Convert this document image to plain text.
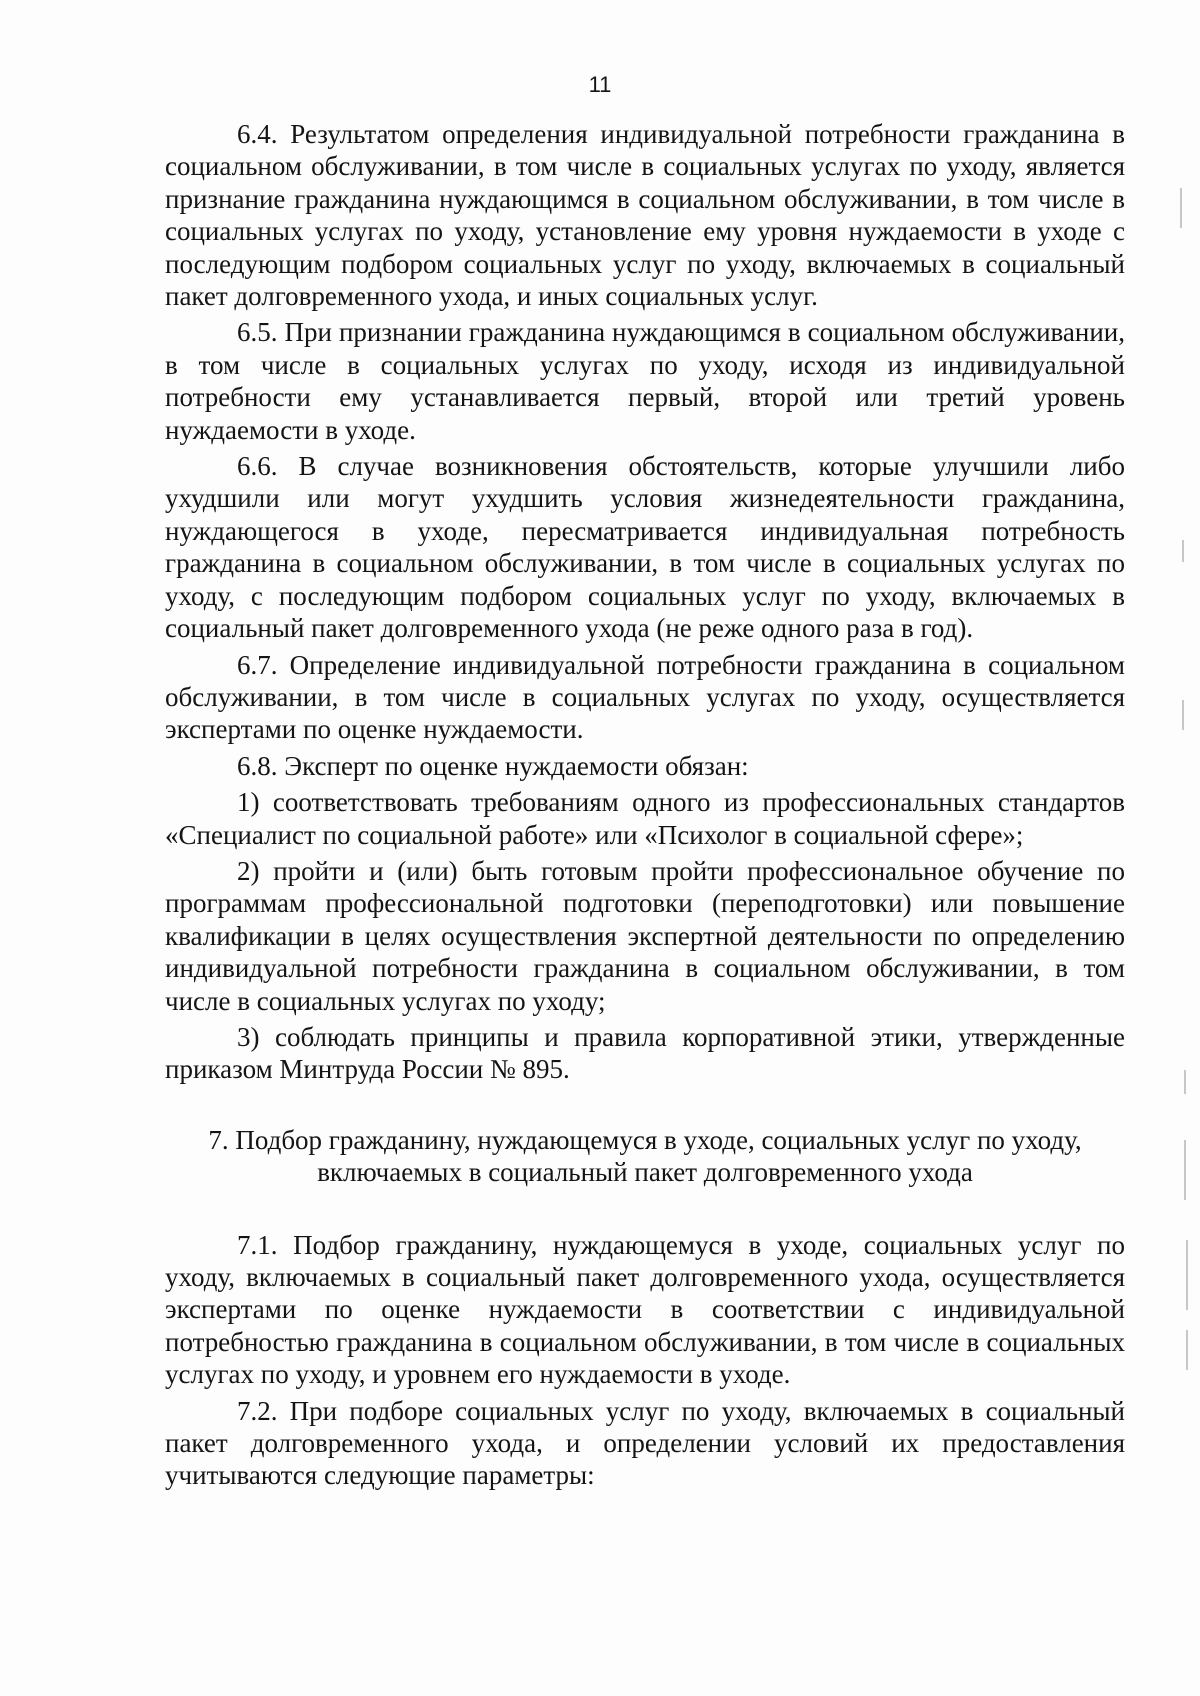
11

6.4. Результатом определения индивидуальной потребности гражданина в социальном обслуживании, в том числе в социальных услугах по уходу, является признание гражданина нуждающимся в социальном обслуживании, в том числе в социальных услугах по уходу, установление ему уровня нуждаемости в уходе с последующим подбором социальных услуг по уходу, включаемых в социальный пакет долговременного ухода, и иных социальных услуг.

6.5. При признании гражданина нуждающимся в социальном обслуживании, в том числе в социальных услугах по уходу, исходя из индивидуальной потребности ему устанавливается первый, второй или третий уровень нуждаемости в уходе.

6.6. В случае возникновения обстоятельств, которые улучшили либо ухудшили или могут ухудшить условия жизнедеятельности гражданина, нуждающегося в уходе, пересматривается индивидуальная потребность гражданина в социальном обслуживании, в том числе в социальных услугах по уходу, с последующим подбором социальных услуг по уходу, включаемых в социальный пакет долговременного ухода (не реже одного раза в год).

6.7. Определение индивидуальной потребности гражданина в социальном обслуживании, в том числе в социальных услугах по уходу, осуществляется экспертами по оценке нуждаемости.

6.8. Эксперт по оценке нуждаемости обязан:

1) соответствовать требованиям одного из профессиональных стандартов «Специалист по социальной работе» или «Психолог в социальной сфере»;

2) пройти и (или) быть готовым пройти профессиональное обучение по программам профессиональной подготовки (переподготовки) или повышение квалификации в целях осуществления экспертной деятельности по определению индивидуальной потребности гражданина в социальном обслуживании, в том числе в социальных услугах по уходу;

3) соблюдать принципы и правила корпоративной этики, утвержденные приказом Минтруда России № 895.

7. Подбор гражданину, нуждающемуся в уходе, социальных услуг по уходу, включаемых в социальный пакет долговременного ухода

7.1. Подбор гражданину, нуждающемуся в уходе, социальных услуг по уходу, включаемых в социальный пакет долговременного ухода, осуществляется экспертами по оценке нуждаемости в соответствии с индивидуальной потребностью гражданина в социальном обслуживании, в том числе в социальных услугах по уходу, и уровнем его нуждаемости в уходе.

7.2. При подборе социальных услуг по уходу, включаемых в социальный пакет долговременного ухода, и определении условий их предоставления учитываются следующие параметры:
